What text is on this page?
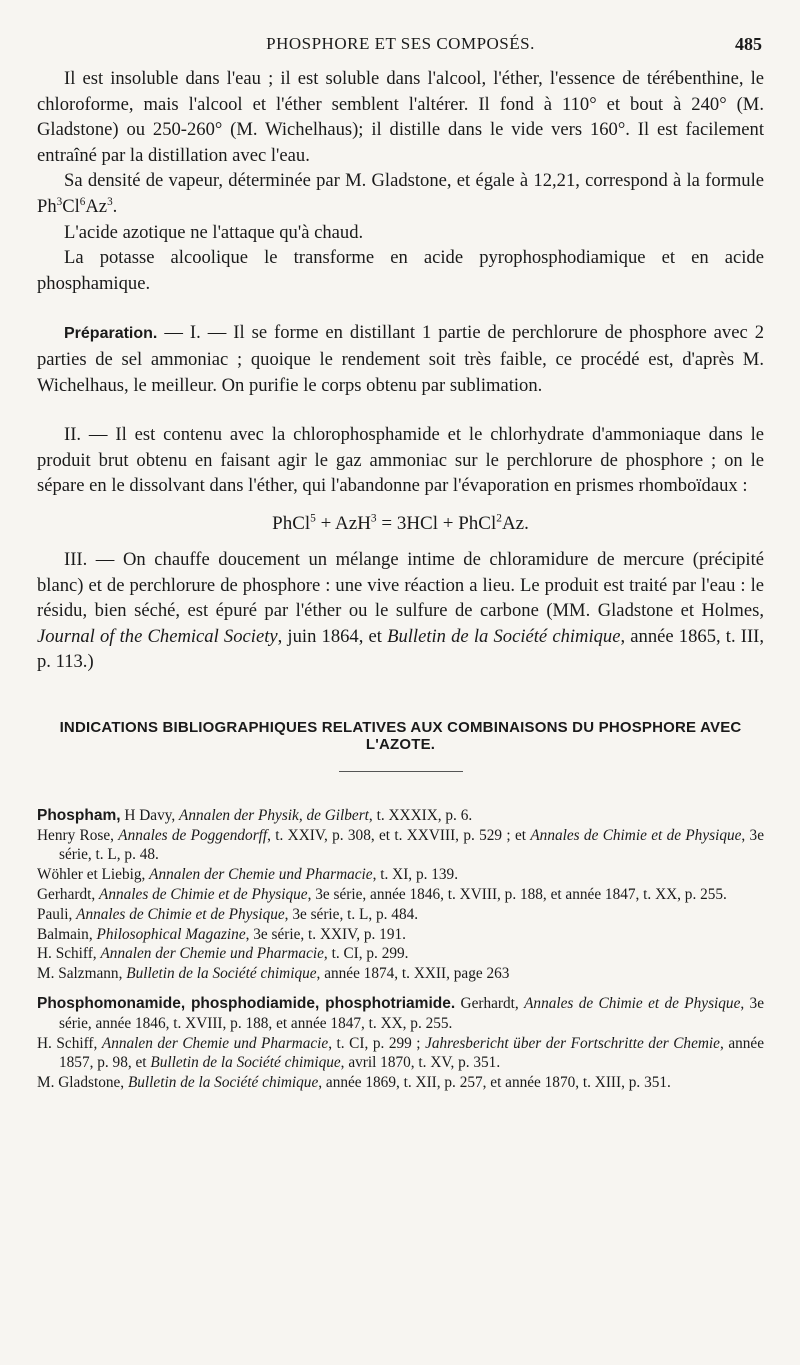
PHOSPHORE ET SES COMPOSÉS.	485

Il est insoluble dans l'eau ; il est soluble dans l'alcool, l'éther, l'essence de térébenthine, le chloroforme, mais l'alcool et l'éther semblent l'altérer. Il fond à 110° et bout à 240° (M. Gladstone) ou 250-260° (M. Wichelhaus); il distille dans le vide vers 160°. Il est facilement entraîné par la distillation avec l'eau.

Sa densité de vapeur, déterminée par M. Gladstone, et égale à 12,21, correspond à la formule Ph$^3$Cl$^6$Az$^3$.

L'acide azotique ne l'attaque qu'à chaud.

La potasse alcoolique le transforme en acide pyrophosphodiamique et en acide phosphamique.

Préparation. — I. — Il se forme en distillant 1 partie de perchlorure de phosphore avec 2 parties de sel ammoniac ; quoique le rendement soit très faible, ce procédé est, d'après M. Wichelhaus, le meilleur. On purifie le corps obtenu par sublimation.

II. — Il est contenu avec la chlorophosphamide et le chlorhydrate d'ammoniaque dans le produit brut obtenu en faisant agir le gaz ammoniac sur le perchlorure de phosphore ; on le sépare en le dissolvant dans l'éther, qui l'abandonne par l'évaporation en prismes rhomboïdaux :

PhCl$^5$ + AzH$^3$ = 3HCl + PhCl$^2$Az.

III. — On chauffe doucement un mélange intime de chloramidure de mercure (précipité blanc) et de perchlorure de phosphore : une vive réaction a lieu. Le produit est traité par l'eau : le résidu, bien séché, est épuré par l'éther ou le sulfure de carbone (MM. Gladstone et Holmes, Journal of the Chemical Society, juin 1864, et Bulletin de la Société chimique, année 1865, t. III, p. 113.)

INDICATIONS BIBLIOGRAPHIQUES RELATIVES AUX COMBINAISONS DU PHOSPHORE AVEC L'AZOTE.

Phospham, H Davy, Annalen der Physik, de Gilbert, t. XXXIX, p. 6.

Henry Rose, Annales de Poggendorff, t. XXIV, p. 308, et t. XXVIII, p. 529 ; et Annales de Chimie et de Physique, 3e série, t. L, p. 48.

Wöhler et Liebig, Annalen der Chemie und Pharmacie, t. XI, p. 139.

Gerhardt, Annales de Chimie et de Physique, 3e série, année 1846, t. XVIII, p. 188, et année 1847, t. XX, p. 255.

Pauli, Annales de Chimie et de Physique, 3e série, t. L, p. 484.

Balmain, Philosophical Magazine, 3e série, t. XXIV, p. 191.

H. Schiff, Annalen der Chemie und Pharmacie, t. CI, p. 299.

M. Salzmann, Bulletin de la Société chimique, année 1874, t. XXII, page 263

Phosphomonamide, phosphodiamide, phosphotriamide. Gerhardt, Annales de Chimie et de Physique, 3e série, année 1846, t. XVIII, p. 188, et année 1847, t. XX, p. 255.

H. Schiff, Annalen der Chemie und Pharmacie, t. CI, p. 299 ; Jahresbericht über der Fortschritte der Chemie, année 1857, p. 98, et Bulletin de la Société chimique, avril 1870, t. XV, p. 351.

M. Gladstone, Bulletin de la Société chimique, année 1869, t. XII, p. 257, et année 1870, t. XIII, p. 351.
